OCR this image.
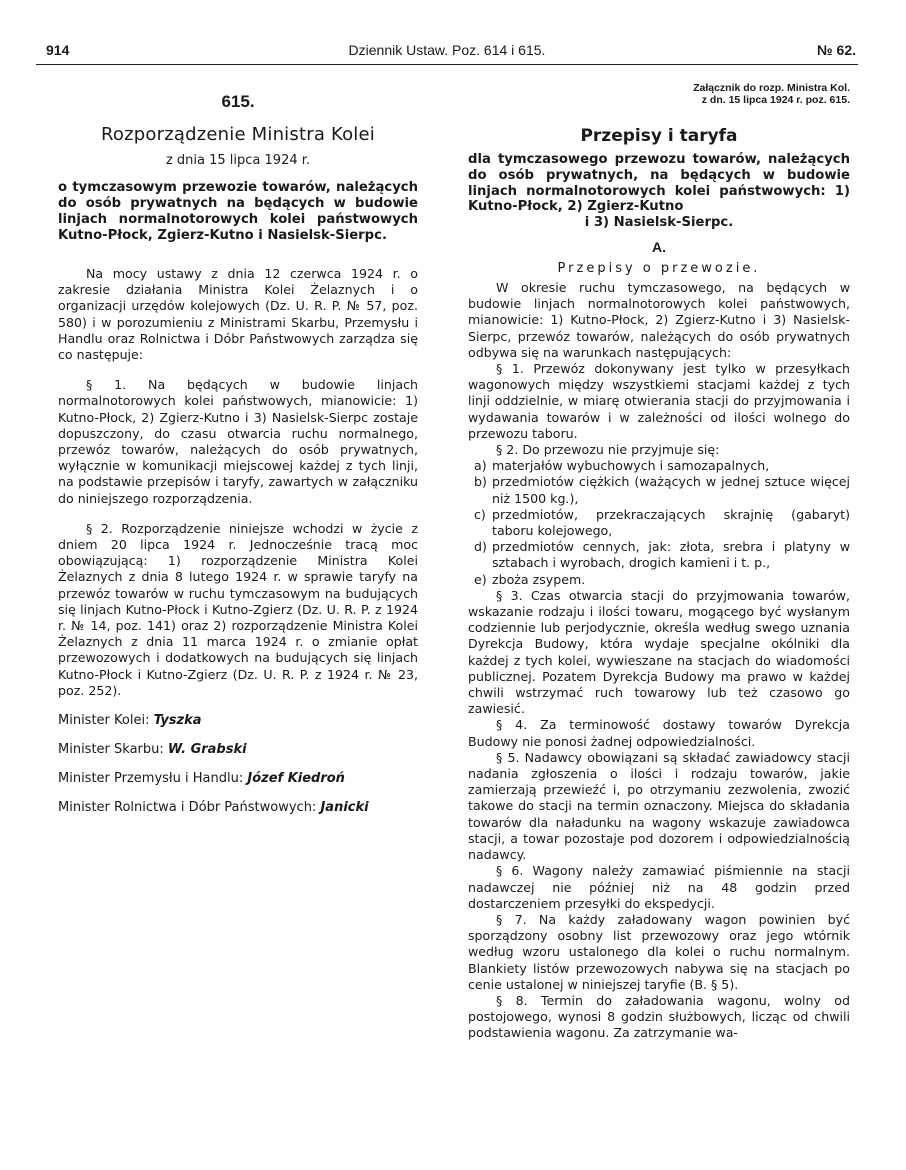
914	Dziennik Ustaw. Poz. 614 i 615.	№ 62.

615.

Rozporządzenie Ministra Kolei

z dnia 15 lipca 1924 r.

o tymczasowym przewozie towarów, należących do osób prywatnych na będących w budowie linjach normalnotorowych kolei państwowych Kutno-Płock, Zgierz-Kutno i Nasielsk-Sierpc.

Na mocy ustawy z dnia 12 czerwca 1924 r. o zakresie działania Ministra Kolei Żelaznych i o organizacji urzędów kolejowych (Dz. U. R. P. № 57, poz. 580) i w porozumieniu z Ministrami Skarbu, Przemysłu i Handlu oraz Rolnictwa i Dóbr Państwowych zarządza się co następuje:

§ 1. Na będących w budowie linjach normalnotorowych kolei państwowych, mianowicie: 1) Kutno-Płock, 2) Zgierz-Kutno i 3) Nasielsk-Sierpc zostaje dopuszczony, do czasu otwarcia ruchu normalnego, przewóz towarów, należących do osób prywatnych, wyłącznie w komunikacji miejscowej każdej z tych linji, na podstawie przepisów i taryfy, zawartych w załączniku do niniejszego rozporządzenia.

§ 2. Rozporządzenie niniejsze wchodzi w życie z dniem 20 lipca 1924 r. Jednocześnie tracą moc obowiązującą: 1) rozporządzenie Ministra Kolei Żelaznych z dnia 8 lutego 1924 r. w sprawie taryfy na przewóz towarów w ruchu tymczasowym na budujących się linjach Kutno-Płock i Kutno-Zgierz (Dz. U. R. P. z 1924 r. № 14, poz. 141) oraz 2) rozporządzenie Ministra Kolei Żelaznych z dnia 11 marca 1924 r. o zmianie opłat przewozowych i dodatkowych na budujących się linjach Kutno-Płock i Kutno-Zgierz (Dz. U. R. P. z 1924 r. № 23, poz. 252).

Minister Kolei: Tyszka

Minister Skarbu: W. Grabski

Minister Przemysłu i Handlu: Józef Kiedroń

Minister Rolnictwa i Dóbr Państwowych: Janicki

Załącznik do rozp. Ministra Kol.
z dn. 15 lipca 1924 r. poz. 615.

Przepisy i taryfa

dla tymczasowego przewozu towarów, należących do osób prywatnych, na będących w budowie linjach normalnotorowych kolei państwowych: 1) Kutno-Płock, 2) Zgierz-Kutno

i 3) Nasielsk-Sierpc.

A.

Przepisy o przewozie.

W okresie ruchu tymczasowego, na będących w budowie linjach normalnotorowych kolei państwowych, mianowicie: 1) Kutno-Płock, 2) Zgierz-Kutno i 3) Nasielsk-Sierpc, przewóz towarów, należących do osób prywatnych odbywa się na warunkach następujących:

§ 1. Przewóz dokonywany jest tylko w przesyłkach wagonowych między wszystkiemi stacjami każdej z tych linji oddzielnie, w miarę otwierania stacji do przyjmowania i wydawania towarów i w zależności od ilości wolnego do przewozu taboru.

§ 2. Do przewozu nie przyjmuje się:

a) materjałów wybuchowych i samozapalnych,
b) przedmiotów ciężkich (ważących w jednej sztuce więcej niż 1500 kg.),
c) przedmiotów, przekraczających skrajnię (gabaryt) taboru kolejowego,
d) przedmiotów cennych, jak: złota, srebra i platyny w sztabach i wyrobach, drogich kamieni i t. p.,
e) zboża zsypem.

§ 3. Czas otwarcia stacji do przyjmowania towarów, wskazanie rodzaju i ilości towaru, mogącego być wysłanym codziennie lub perjodycznie, określa według swego uznania Dyrekcja Budowy, która wydaje specjalne okólniki dla każdej z tych kolei, wywieszane na stacjach do wiadomości publicznej. Pozatem Dyrekcja Budowy ma prawo w każdej chwili wstrzymać ruch towarowy lub też czasowo go zawiesić.

§ 4. Za terminowość dostawy towarów Dyrekcja Budowy nie ponosi żadnej odpowiedzialności.

§ 5. Nadawcy obowiązani są składać zawiadowcy stacji nadania zgłoszenia o ilości i rodzaju towarów, jakie zamierzają przewieźć i, po otrzymaniu zezwolenia, zwozić takowe do stacji na termin oznaczony. Miejsca do składania towarów dla naładunku na wagony wskazuje zawiadowca stacji, a towar pozostaje pod dozorem i odpowiedzialnością nadawcy.

§ 6. Wagony należy zamawiać piśmiennie na stacji nadawczej nie później niż na 48 godzin przed dostarczeniem przesyłki do ekspedycji.

§ 7. Na każdy załadowany wagon powinien być sporządzony osobny list przewozowy oraz jego wtórnik według wzoru ustalonego dla kolei o ruchu normalnym. Blankiety listów przewozowych nabywa się na stacjach po cenie ustalonej w niniejszej taryfie (B. § 5).

§ 8. Termin do załadowania wagonu, wolny od postojowego, wynosi 8 godzin służbowych, licząc od chwili podstawienia wagonu. Za zatrzymanie wa-
